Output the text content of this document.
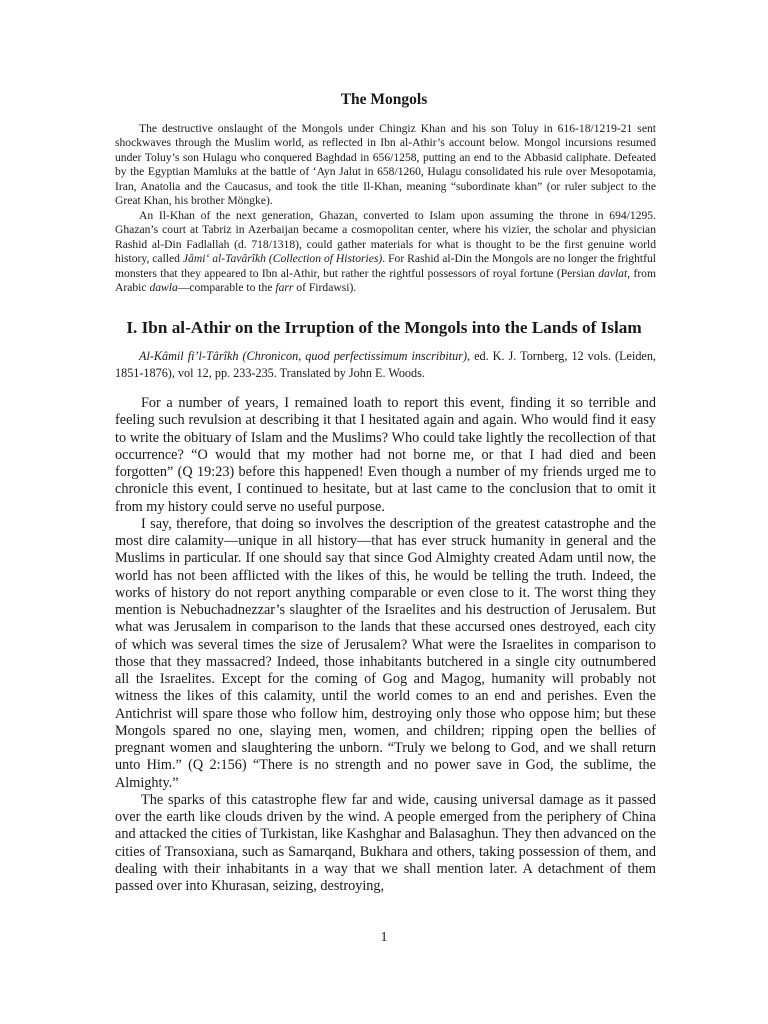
The Mongols

The destructive onslaught of the Mongols under Chingiz Khan and his son Toluy in 616-18/1219-21 sent shockwaves through the Muslim world, as reflected in Ibn al-Athir’s account below. Mongol incursions resumed under Toluy’s son Hulagu who conquered Baghdad in 656/1258, putting an end to the Abbasid caliphate. Defeated by the Egyptian Mamluks at the battle of ‘Ayn Jalut in 658/1260, Hulagu consolidated his rule over Mesopotamia, Iran, Anatolia and the Caucasus, and took the title Il-Khan, meaning “subordinate khan” (or ruler subject to the Great Khan, his brother Möngke).

An Il-Khan of the next generation, Ghazan, converted to Islam upon assuming the throne in 694/1295. Ghazan’s court at Tabriz in Azerbaijan became a cosmopolitan center, where his vizier, the scholar and physician Rashid al-Din Fadlallah (d. 718/1318), could gather materials for what is thought to be the first genuine world history, called Jâmi‘ al-Tavârîkh (Collection of Histories). For Rashid al-Din the Mongols are no longer the frightful monsters that they appeared to Ibn al-Athir, but rather the rightful possessors of royal fortune (Persian davlat, from Arabic dawla—comparable to the farr of Firdawsi).

I. Ibn al-Athir on the Irruption of the Mongols into the Lands of Islam
Al-Kâmil fi’l-Târîkh (Chronicon, quod perfectissimum inscribitur), ed. K. J. Tornberg, 12 vols. (Leiden, 1851-1876), vol 12, pp. 233-235. Translated by John E. Woods.

For a number of years, I remained loath to report this event, finding it so terrible and feeling such revulsion at describing it that I hesitated again and again. Who would find it easy to write the obituary of Islam and the Muslims? Who could take lightly the recollection of that occurrence? “O would that my mother had not borne me, or that I had died and been forgotten” (Q 19:23) before this happened! Even though a number of my friends urged me to chronicle this event, I continued to hesitate, but at last came to the conclusion that to omit it from my history could serve no useful purpose.

I say, therefore, that doing so involves the description of the greatest catastrophe and the most dire calamity—unique in all history—that has ever struck humanity in general and the Muslims in particular. If one should say that since God Almighty created Adam until now, the world has not been afflicted with the likes of this, he would be telling the truth. Indeed, the works of history do not report anything comparable or even close to it. The worst thing they mention is Nebuchadnezzar’s slaughter of the Israelites and his destruction of Jerusalem. But what was Jerusalem in comparison to the lands that these accursed ones destroyed, each city of which was several times the size of Jerusalem? What were the Israelites in comparison to those that they massacred? Indeed, those inhabitants butchered in a single city outnumbered all the Israelites. Except for the coming of Gog and Magog, humanity will probably not witness the likes of this calamity, until the world comes to an end and perishes. Even the Antichrist will spare those who follow him, destroying only those who oppose him; but these Mongols spared no one, slaying men, women, and children; ripping open the bellies of pregnant women and slaughtering the unborn. “Truly we belong to God, and we shall return unto Him.” (Q 2:156) “There is no strength and no power save in God, the sublime, the Almighty.”

The sparks of this catastrophe flew far and wide, causing universal damage as it passed over the earth like clouds driven by the wind. A people emerged from the periphery of China and attacked the cities of Turkistan, like Kashghar and Balasaghun. They then advanced on the cities of Transoxiana, such as Samarqand, Bukhara and others, taking possession of them, and dealing with their inhabitants in a way that we shall mention later. A detachment of them passed over into Khurasan, seizing, destroying,

1
